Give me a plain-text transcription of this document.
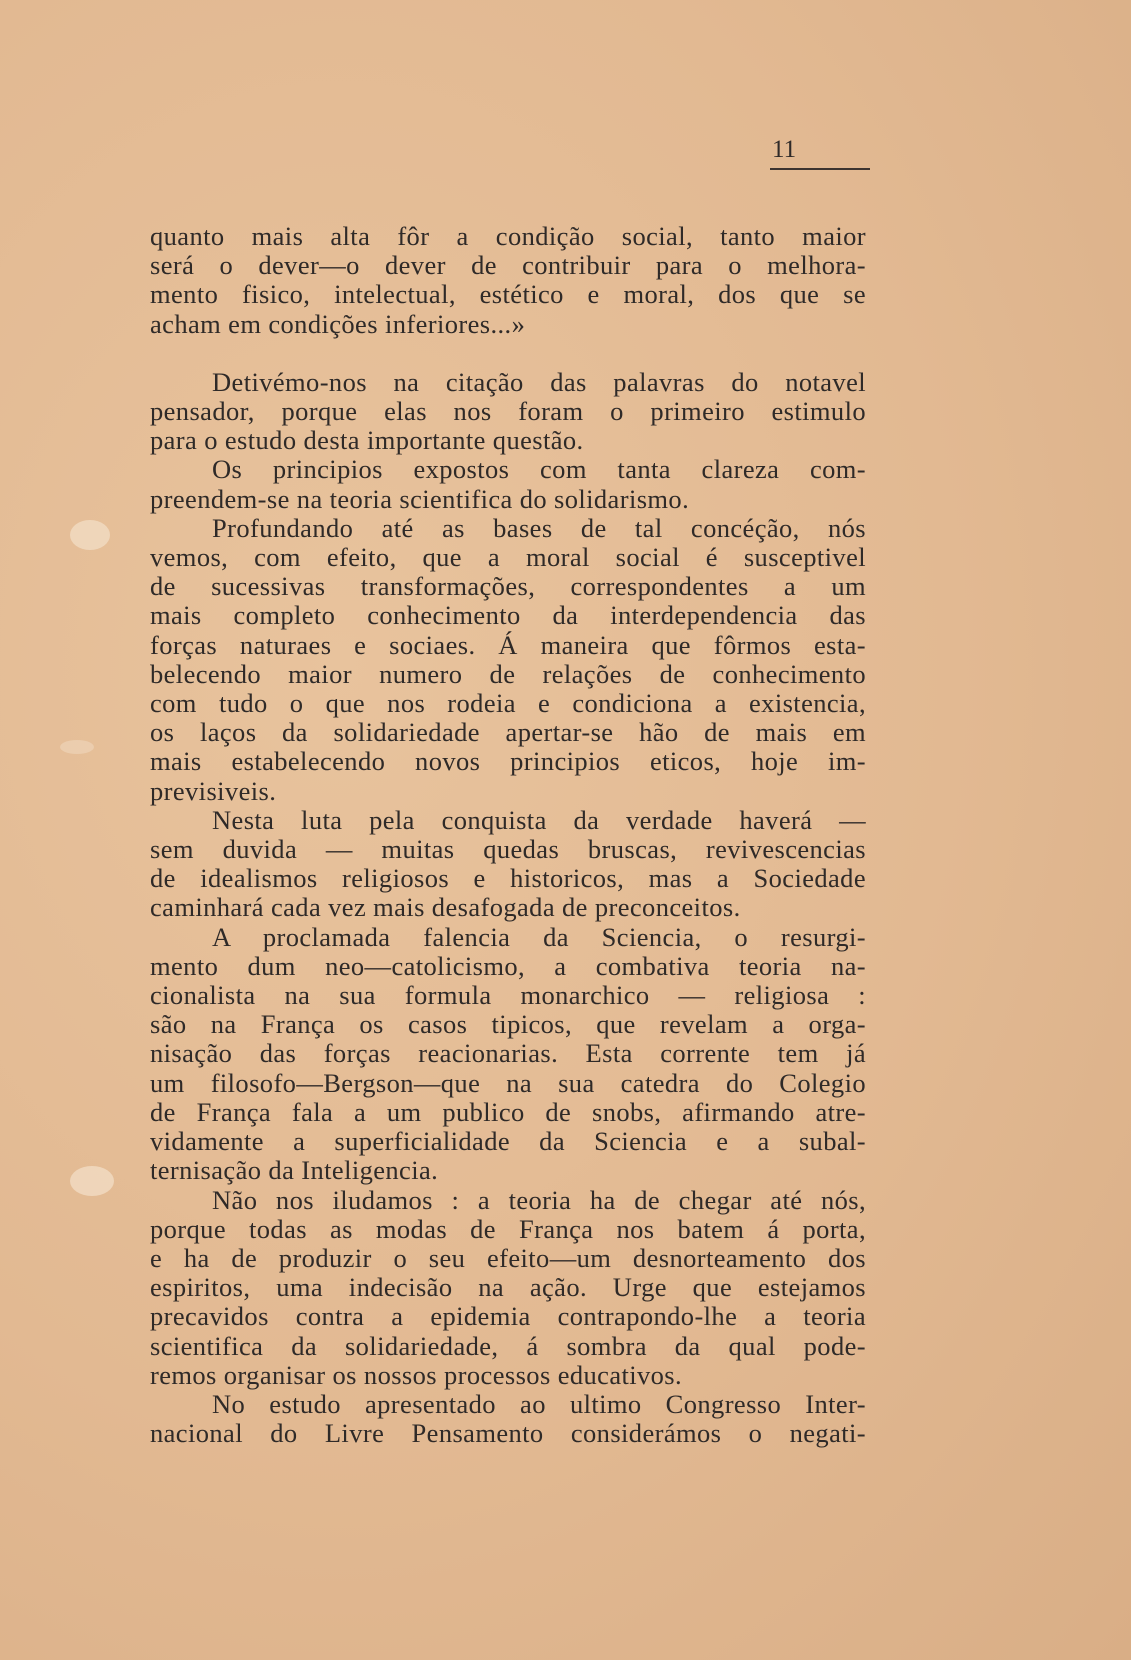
11
quanto mais alta fôr a condição social, tanto maior
será o dever—o dever de contribuir para o melhora-
mento fisico, intelectual, estético e moral, dos que se
acham em condições inferiores...»
Detivémo-nos na citação das palavras do notavel
pensador, porque elas nos foram o primeiro estimulo
para o estudo desta importante questão.
Os principios expostos com tanta clareza com-
preendem-se na teoria scientifica do solidarismo.
Profundando até as bases de tal concéção, nós
vemos, com efeito, que a moral social é susceptivel
de sucessivas transformações, correspondentes a um
mais completo conhecimento da interdependencia das
forças naturaes e sociaes. Á maneira que fôrmos esta-
belecendo maior numero de relações de conhecimento
com tudo o que nos rodeia e condiciona a existencia,
os laços da solidariedade apertar-se hão de mais em
mais estabelecendo novos principios eticos, hoje im-
previsiveis.
Nesta luta pela conquista da verdade haverá —
sem duvida — muitas quedas bruscas, revivescencias
de idealismos religiosos e historicos, mas a Sociedade
caminhará cada vez mais desafogada de preconceitos.
A proclamada falencia da Sciencia, o resurgi-
mento dum neo—catolicismo, a combativa teoria na-
cionalista na sua formula monarchico — religiosa :
são na França os casos tipicos, que revelam a orga-
nisação das forças reacionarias. Esta corrente tem já
um filosofo—Bergson—que na sua catedra do Colegio
de França fala a um publico de snobs, afirmando atre-
vidamente a superficialidade da Sciencia e a subal-
ternisação da Inteligencia.
Não nos iludamos : a teoria ha de chegar até nós,
porque todas as modas de França nos batem á porta,
e ha de produzir o seu efeito—um desnorteamento dos
espiritos, uma indecisão na ação. Urge que estejamos
precavidos contra a epidemia contrapondo-lhe a teoria
scientifica da solidariedade, á sombra da qual pode-
remos organisar os nossos processos educativos.
No estudo apresentado ao ultimo Congresso Inter-
nacional do Livre Pensamento considerámos o negati-
